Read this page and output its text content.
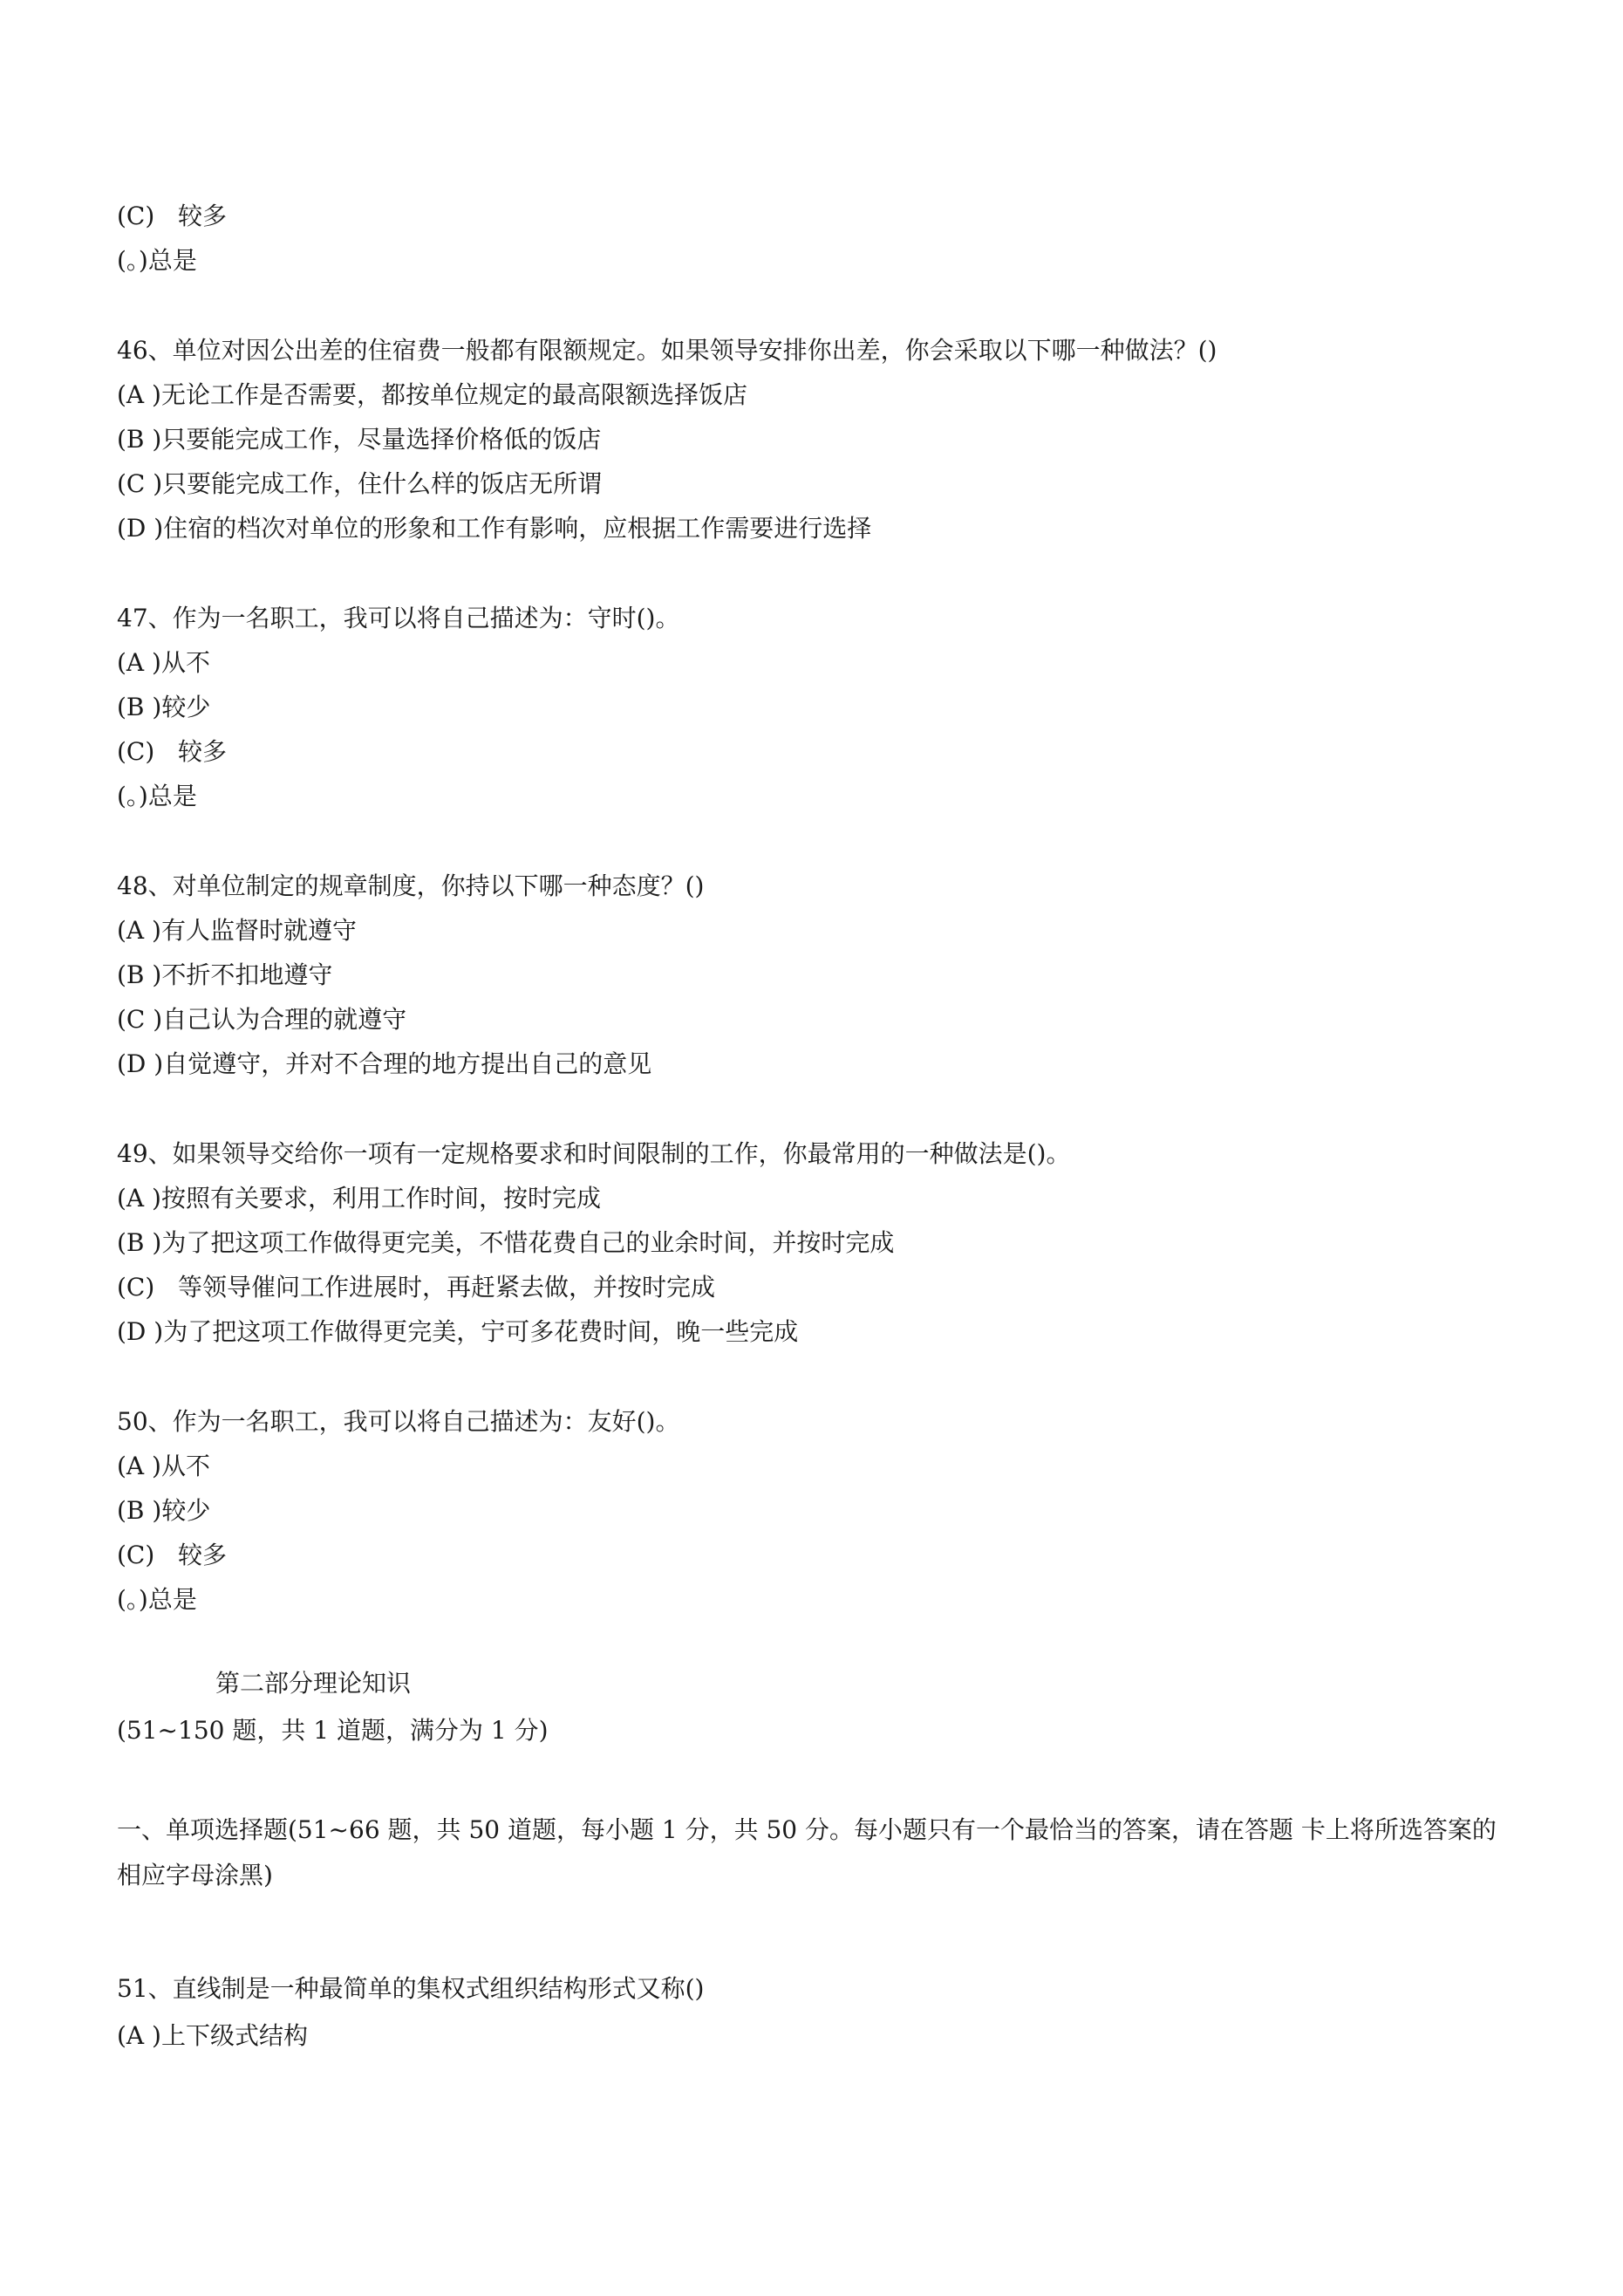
(C)   较多
(。)总是
46、单位对因公出差的住宿费一般都有限额规定。如果领导安排你出差，你会采取以下哪一种做法？()
(A )无论工作是否需要，都按单位规定的最高限额选择饭店
(B )只要能完成工作，尽量选择价格低的饭店
(C )只要能完成工作，住什么样的饭店无所谓
(D )住宿的档次对单位的形象和工作有影响，应根据工作需要进行选择
47、作为一名职工，我可以将自己描述为：守时()。
(A )从不
(B )较少
(C)   较多
(。)总是
48、对单位制定的规章制度，你持以下哪一种态度？()
(A )有人监督时就遵守
(B )不折不扣地遵守
(C )自己认为合理的就遵守
(D )自觉遵守，并对不合理的地方提出自己的意见
49、如果领导交给你一项有一定规格要求和时间限制的工作，你最常用的一种做法是()。
(A )按照有关要求，利用工作时间，按时完成
(B )为了把这项工作做得更完美，不惜花费自己的业余时间，并按时完成
(C)   等领导催问工作进展时，再赶紧去做，并按时完成
(D )为了把这项工作做得更完美，宁可多花费时间，晚一些完成
50、作为一名职工，我可以将自己描述为：友好()。
(A )从不
(B )较少
(C)   较多
(。)总是
第二部分理论知识
(51~150 题，共 1 道题，满分为 1 分)
一、单项选择题(51~66 题，共 50 道题，每小题 1 分，共 50 分。每小题只有一个最恰当的答案，请在答题 卡上将所选答案的相应字母涂黑)
51、直线制是一种最简单的集权式组织结构形式又称()
(A )上下级式结构
